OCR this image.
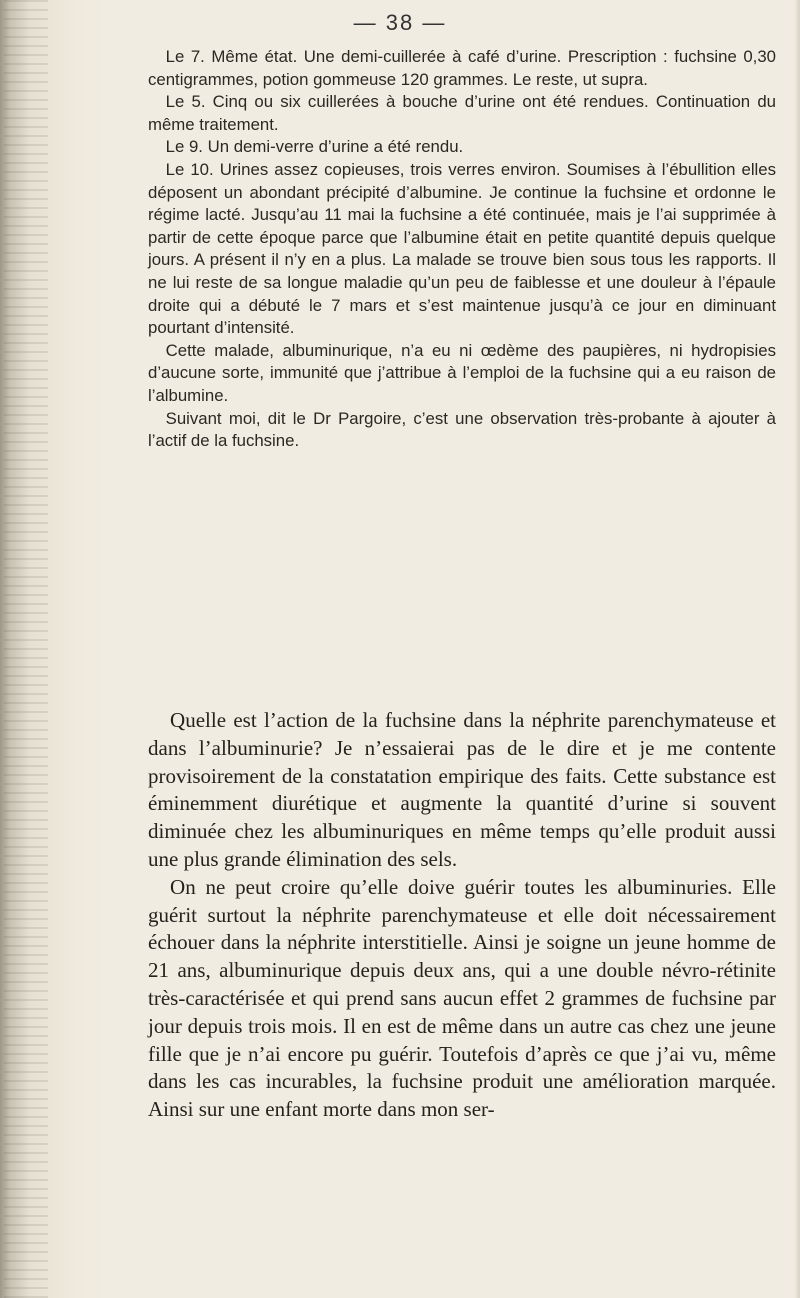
— 38 —

Le 7. Même état. Une demi-cuillerée à café d’urine. Prescription : fuchsine 0,30 centigrammes, potion gommeuse 120 grammes. Le reste, ut supra.

Le 5. Cinq ou six cuillerées à bouche d’urine ont été rendues. Continuation du même traitement.

Le 9. Un demi-verre d’urine a été rendu.

Le 10. Urines assez copieuses, trois verres environ. Soumises à l’ébullition elles déposent un abondant précipité d’albumine. Je continue la fuchsine et ordonne le régime lacté. Jusqu’au 11 mai la fuchsine a été continuée, mais je l’ai supprimée à partir de cette époque parce que l’albumine était en petite quantité depuis quelque jours. A présent il n’y en a plus. La malade se trouve bien sous tous les rapports. Il ne lui reste de sa longue maladie qu’un peu de faiblesse et une douleur à l’épaule droite qui a débuté le 7 mars et s’est maintenue jusqu’à ce jour en diminuant pourtant d’intensité.

Cette malade, albuminurique, n’a eu ni œdème des paupières, ni hydropisies d’aucune sorte, immunité que j’attribue à l’emploi de la fuchsine qui a eu raison de l’albumine.

Suivant moi, dit le Dr Pargoire, c’est une observation très-probante à ajouter à l’actif de la fuchsine.

Quelle est l’action de la fuchsine dans la néphrite parenchymateuse et dans l’albuminurie? Je n’essaierai pas de le dire et je me contente provisoirement de la constatation empirique des faits. Cette substance est éminemment diurétique et augmente la quantité d’urine si souvent diminuée chez les albuminuriques en même temps qu’elle produit aussi une plus grande élimination des sels.

On ne peut croire qu’elle doive guérir toutes les albuminuries. Elle guérit surtout la néphrite parenchymateuse et elle doit nécessairement échouer dans la néphrite interstitielle. Ainsi je soigne un jeune homme de 21 ans, albuminurique depuis deux ans, qui a une double névro-rétinite très-caractérisée et qui prend sans aucun effet 2 grammes de fuchsine par jour depuis trois mois. Il en est de même dans un autre cas chez une jeune fille que je n’ai encore pu guérir. Toutefois d’après ce que j’ai vu, même dans les cas incurables, la fuchsine produit une amélioration marquée. Ainsi sur une enfant morte dans mon ser-
